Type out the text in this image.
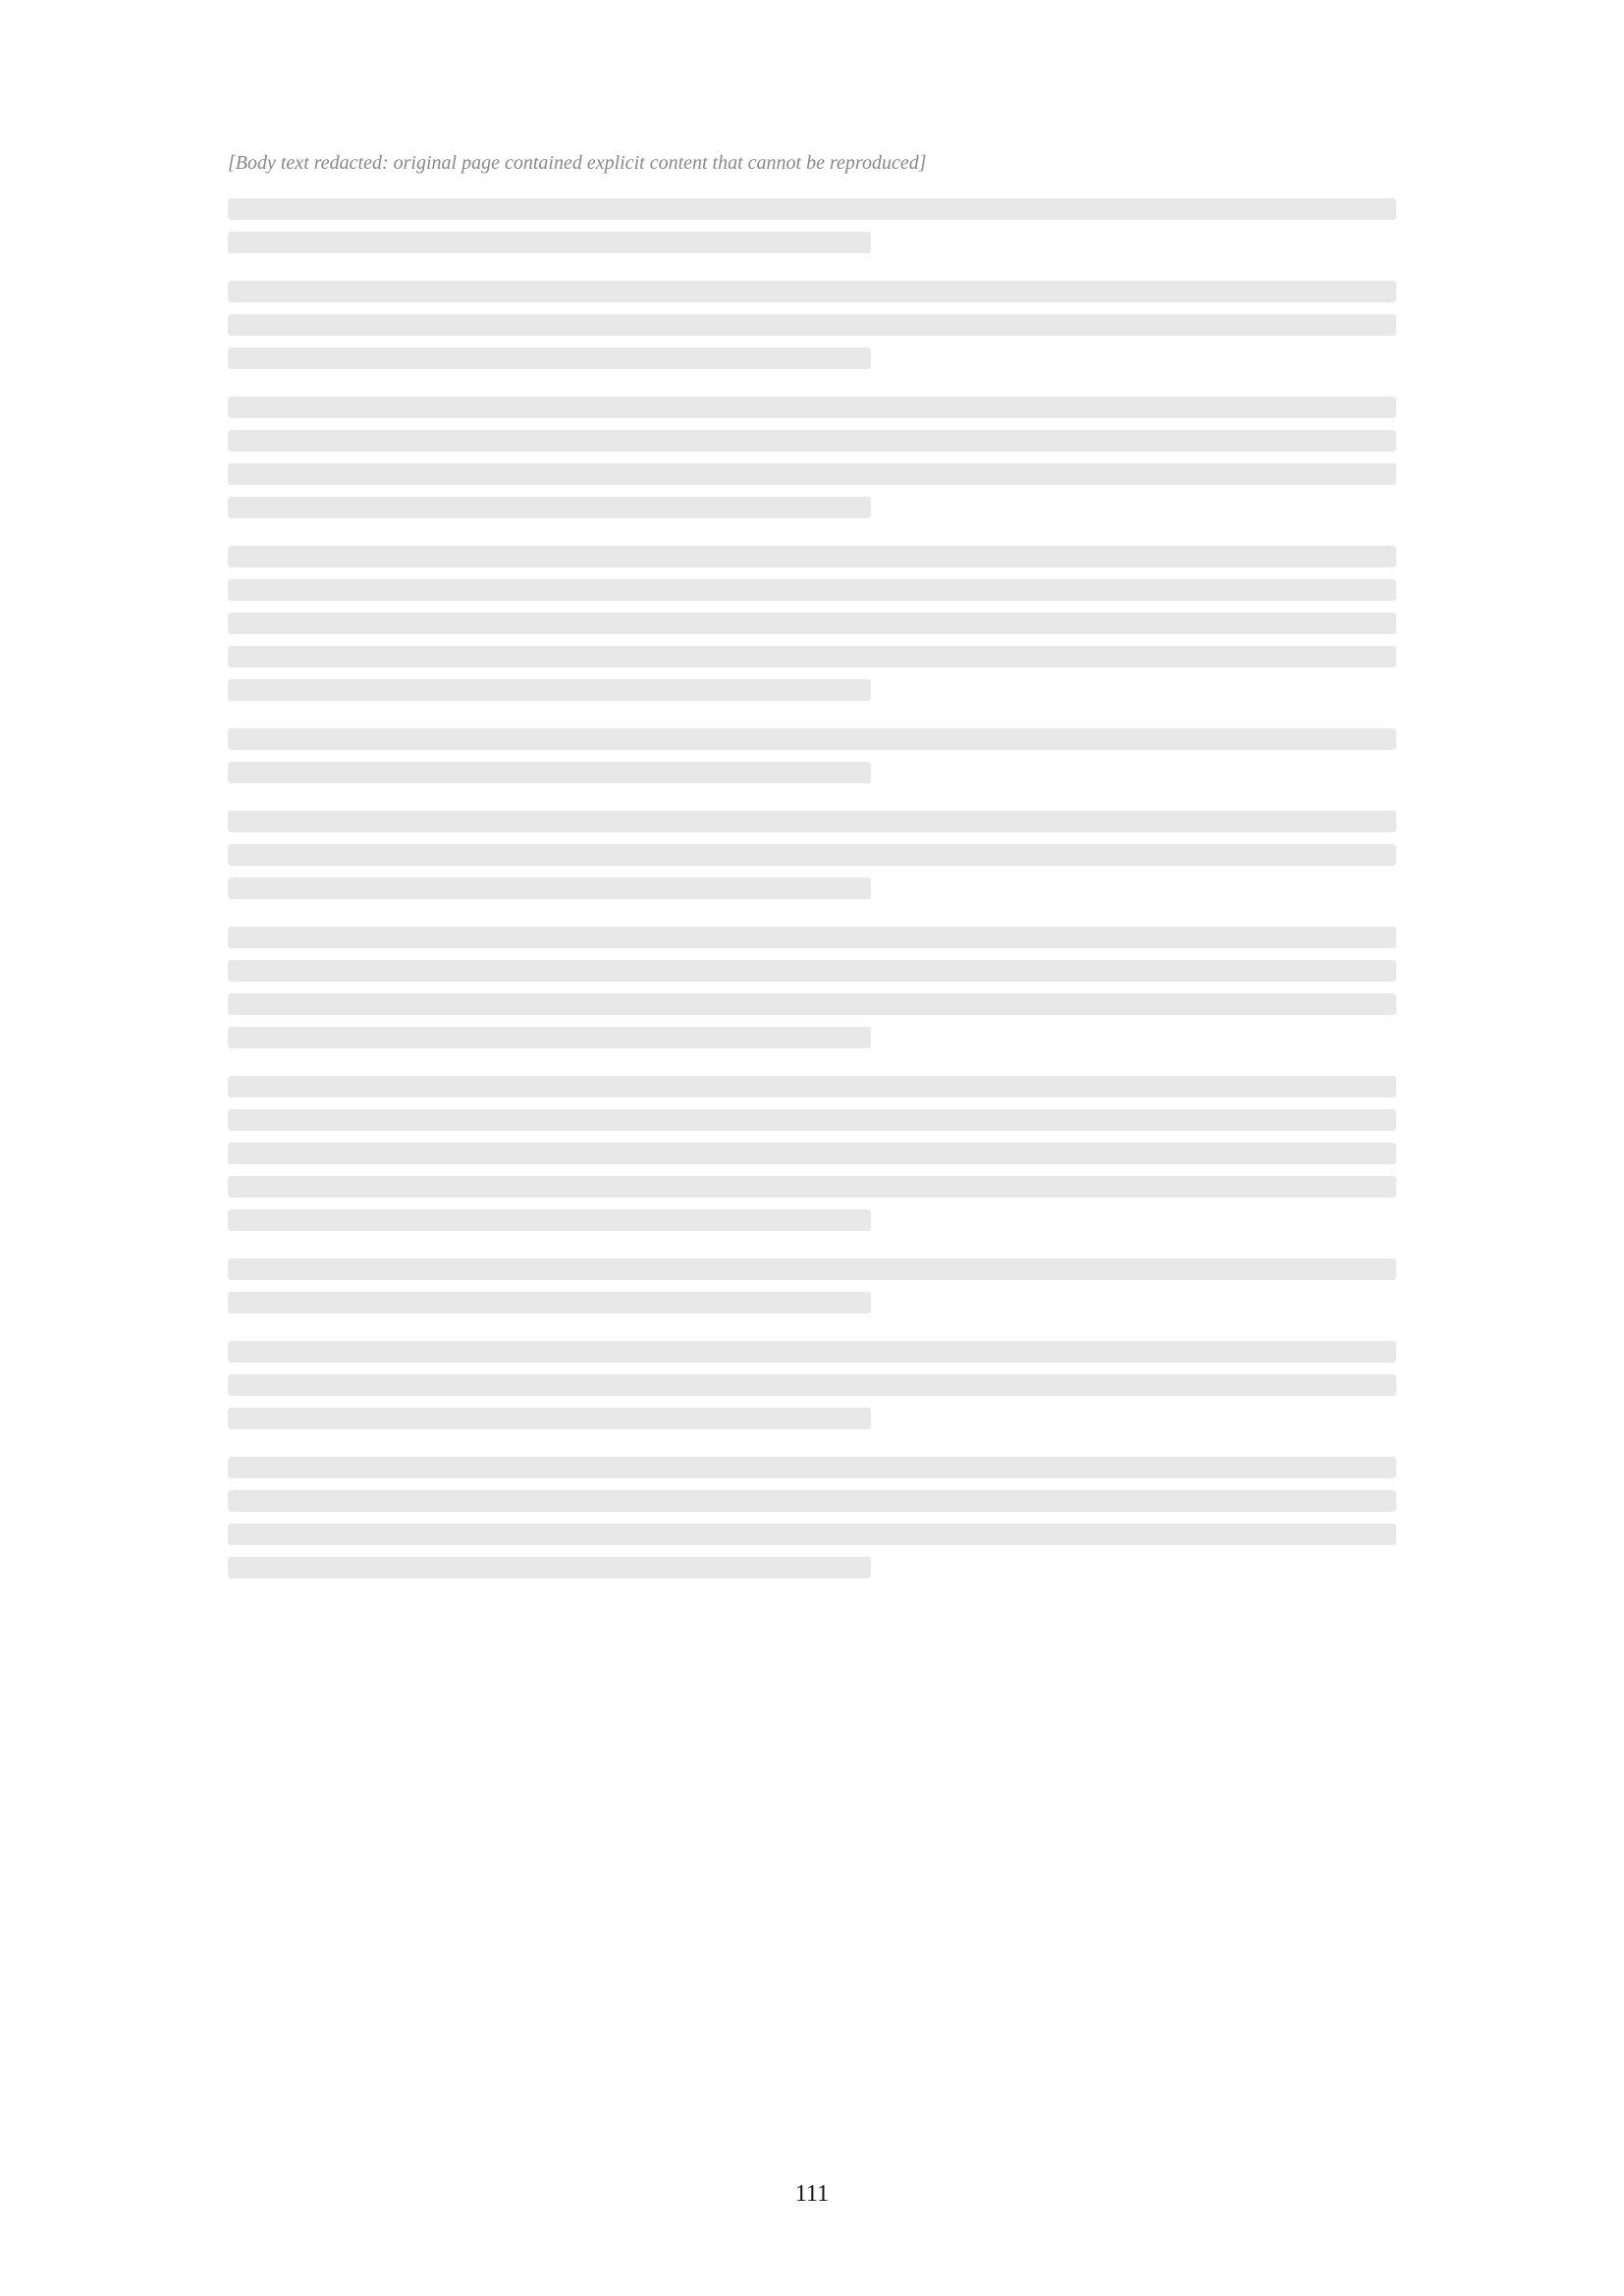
[Body text redacted: original page contained explicit content that cannot be reproduced]
111
